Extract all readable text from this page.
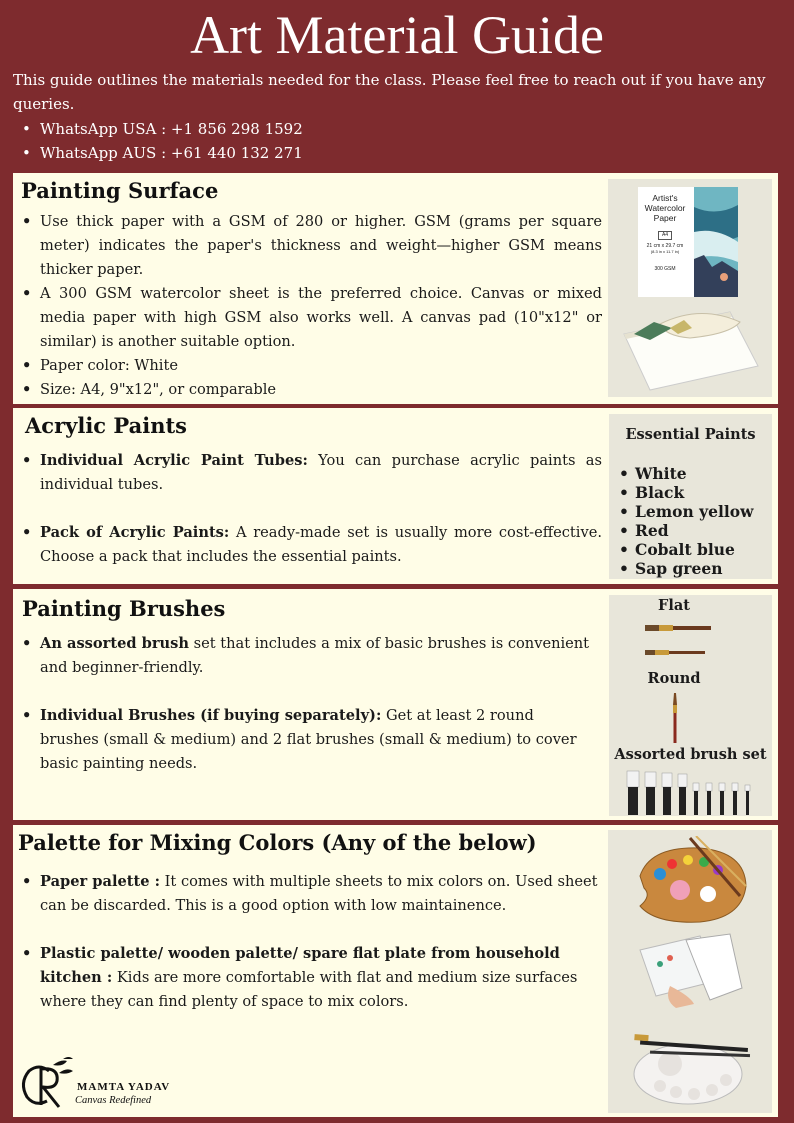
Art Material Guide

This guide outlines the materials needed for the class. Please feel free to reach out if you have any queries.

• WhatsApp USA : +1 856 298 1592
• WhatsApp AUS : +61 440 132 271
Painting Surface
• Use thick paper with a GSM of 280 or higher. GSM (grams per square meter) indicates the paper's thickness and weight—higher GSM means thicker paper.
• A 300 GSM watercolor sheet is the preferred choice. Canvas or mixed media paper with high GSM also works well. A canvas pad (10"x12" or similar) is another suitable option.
• Paper color: White
• Size: A4, 9"x12", or comparable
Artist's
Watercolor
Paper
A4
21 cm x 29.7 cm
(8.3 in x 11.7 in)
300 GSM
Acrylic Paints
• Individual Acrylic Paint Tubes: You can purchase acrylic paints as individual tubes.
• Pack of Acrylic Paints: A ready-made set is usually more cost-effective. Choose a pack that includes the essential paints.
Essential Paints
• White
• Black
• Lemon yellow
• Red
• Cobalt blue
• Sap green
Painting Brushes
• An assorted brush set that includes a mix of basic brushes is convenient and beginner-friendly.
• Individual Brushes (if buying separately): Get at least 2 round brushes (small & medium) and 2 flat brushes (small & medium) to cover basic painting needs.
Flat
Round
Assorted brush set
Palette for Mixing Colors (Any of the below)
• Paper palette : It comes with multiple sheets to mix colors on. Used sheet can be discarded. This is a good option with low maintainence.
• Plastic palette/ wooden palette/ spare flat plate from household kitchen : Kids are more comfortable with flat and medium size surfaces where they can find plenty of space to mix colors.
MAMTA YADAV
Canvas Redefined
